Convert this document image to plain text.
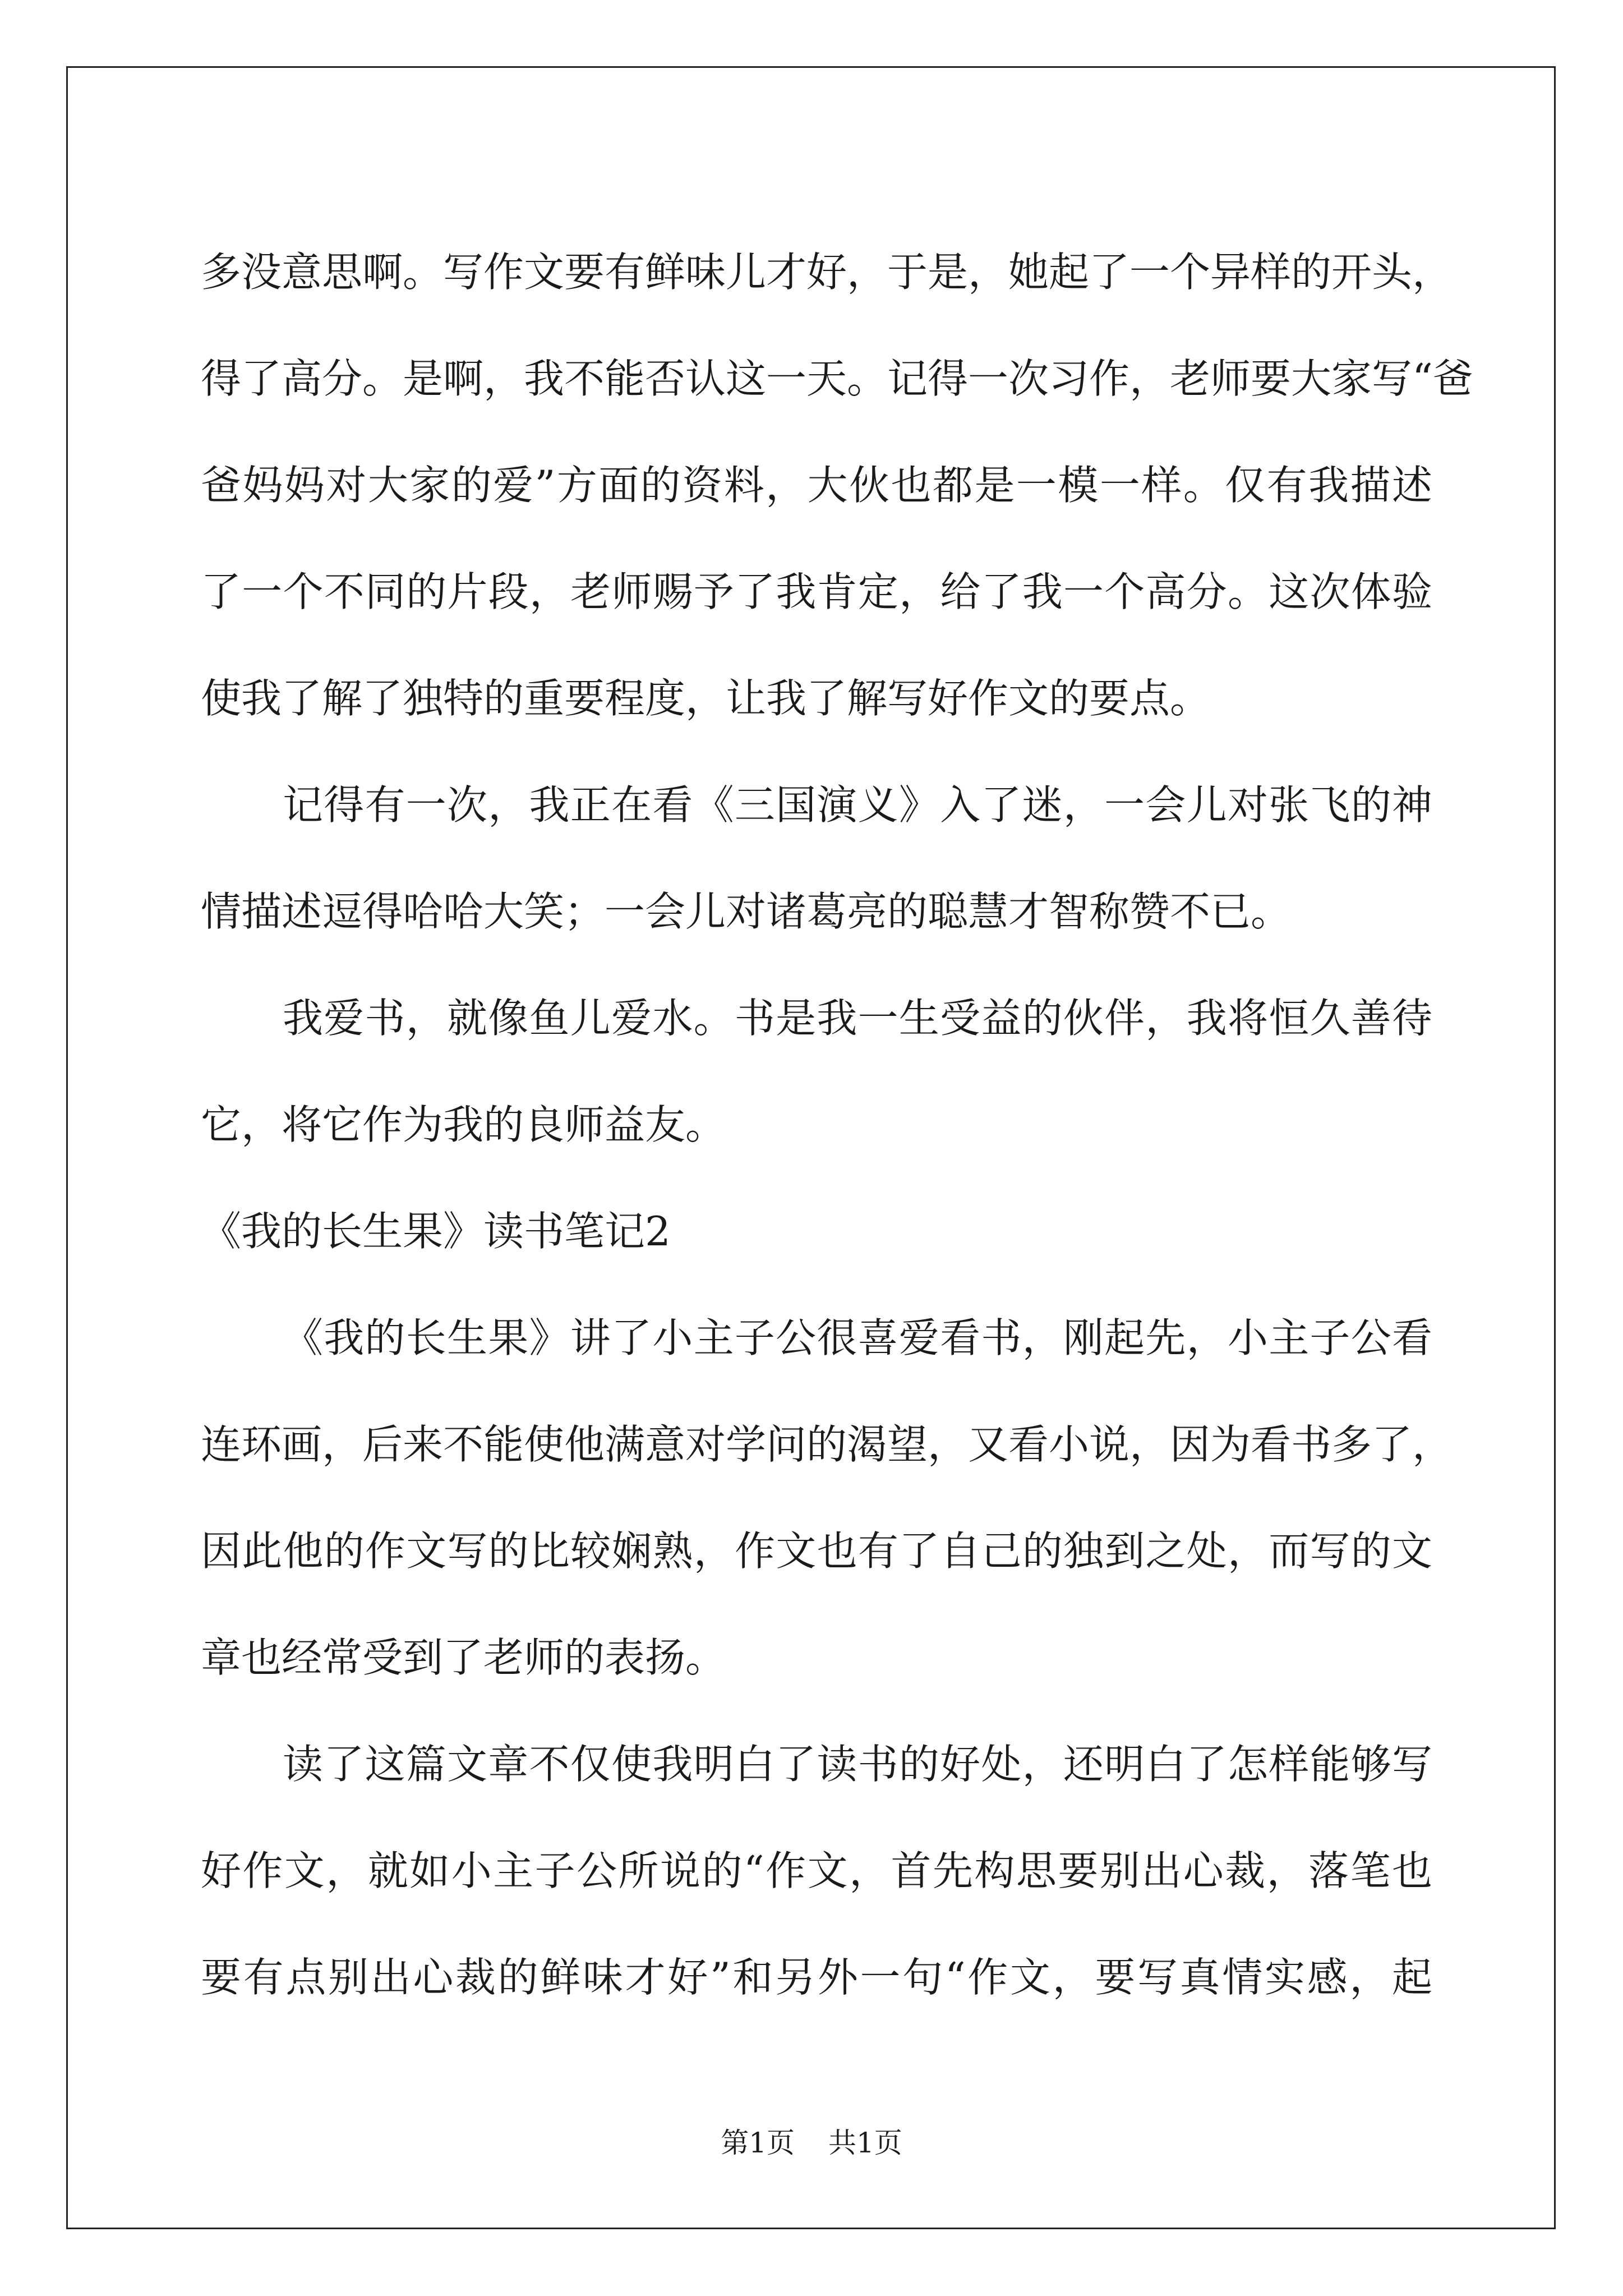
多没意思啊。写作文要有鲜味儿才好，于是，她起了一个异样的开头，
得了高分。是啊，我不能否认这一天。记得一次习作，老师要大家写“爸
爸妈妈对大家的爱”方面的资料，大伙也都是一模一样。仅有我描述
了一个不同的片段，老师赐予了我肯定，给了我一个高分。这次体验
使我了解了独特的重要程度，让我了解写好作文的要点。
记得有一次，我正在看《三国演义》入了迷，一会儿对张飞的神
情描述逗得哈哈大笑；一会儿对诸葛亮的聪慧才智称赞不已。
我爱书，就像鱼儿爱水。书是我一生受益的伙伴，我将恒久善待
它，将它作为我的良师益友。
《我的长生果》读书笔记2
《我的长生果》讲了小主子公很喜爱看书，刚起先，小主子公看
连环画，后来不能使他满意对学问的渴望，又看小说，因为看书多了，
因此他的作文写的比较娴熟，作文也有了自己的独到之处，而写的文
章也经常受到了老师的表扬。
读了这篇文章不仅使我明白了读书的好处，还明白了怎样能够写
好作文，就如小主子公所说的“作文，首先构思要别出心裁，落笔也
要有点别出心裁的鲜味才好”和另外一句“作文，要写真情实感，起
第1页 共1页
